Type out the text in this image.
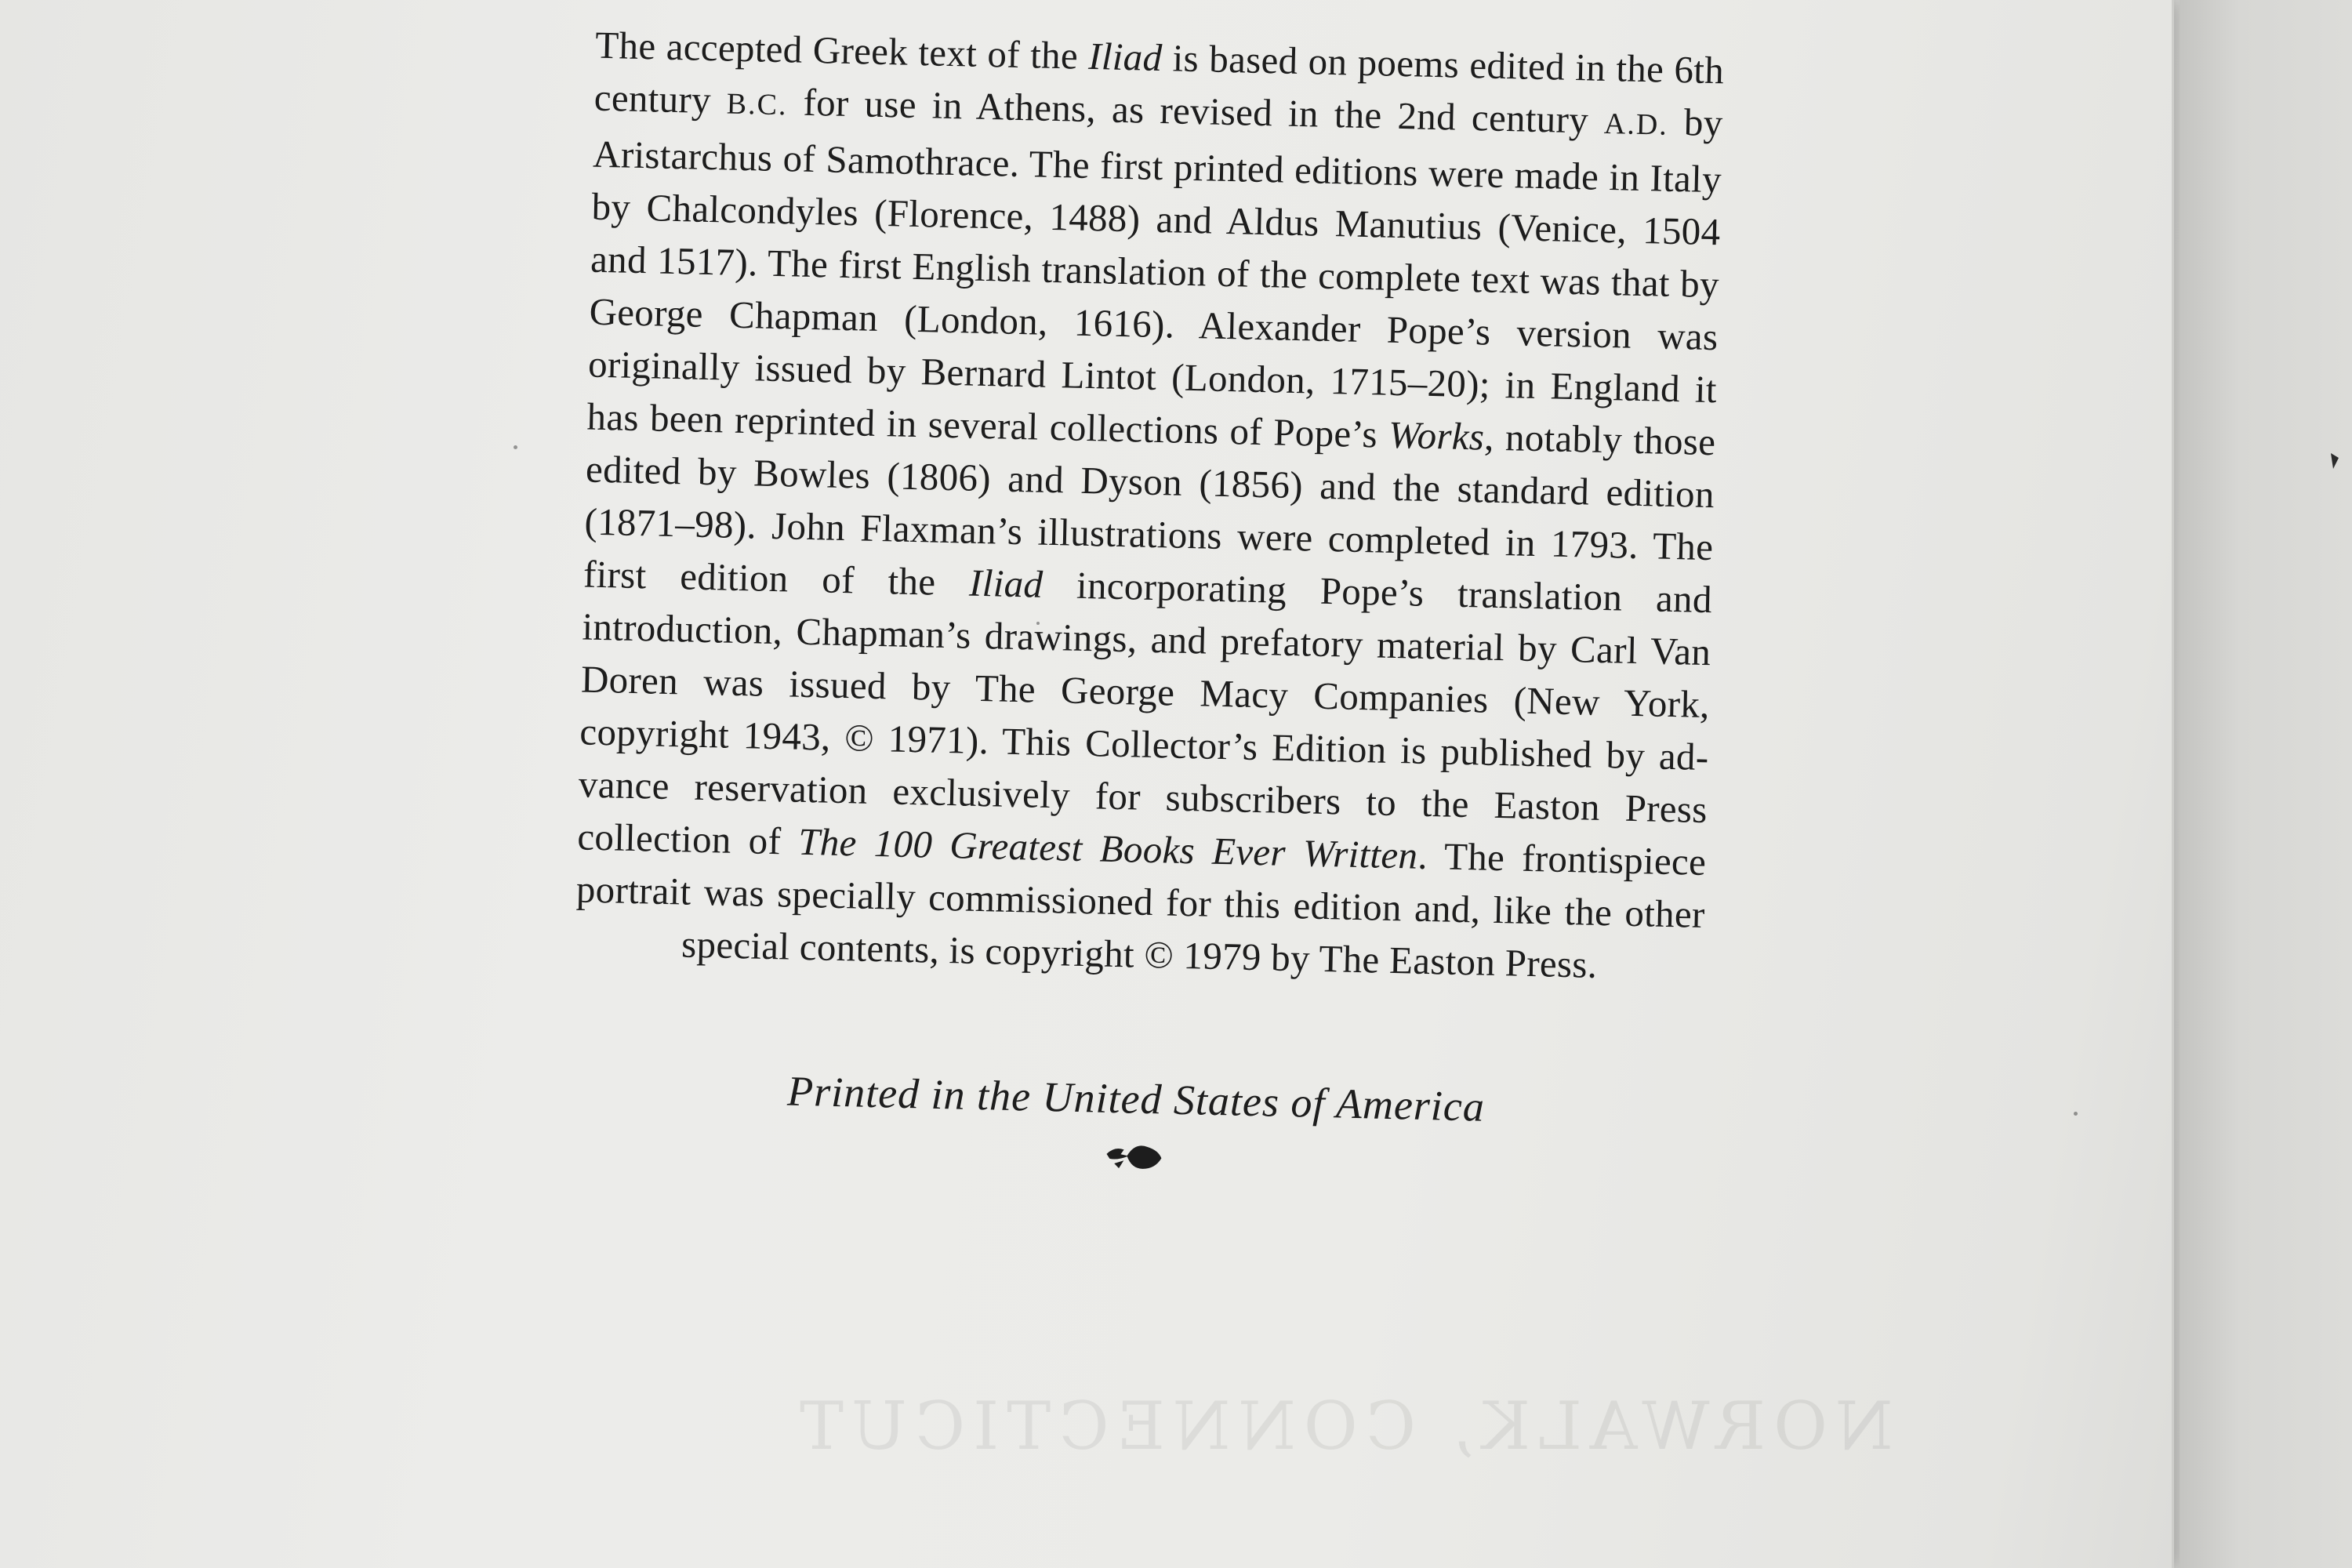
NORWALK, CONNECTICUT

The accepted Greek text of the Iliad is based on poems edited in the 6th century B.C. for use in Athens, as revised in the 2nd century A.D. by Aristarchus of Samothrace. The first printed editions were made in Italy by Chalcondyles (Florence, 1488) and Aldus Manutius (Venice, 1504 and 1517). The first English translation of the complete text was that by George Chapman (London, 1616). Alexander Pope’s version was originally issued by Bernard Lintot (London, 1715–20); in England it has been reprinted in several collections of Pope’s Works, notably those edited by Bowles (1806) and Dyson (1856) and the standard edition (1871–98). John Flaxman’s illustrations were completed in 1793. The first edition of the Iliad incorporating Pope’s translation and introduction, Chapman’s drawings, and prefatory material by Carl Van Doren was issued by The George Macy Companies (New York, copyright 1943, © 1971). This Collector’s Edition is published by advance reservation exclusively for subscribers to the Easton Press collection of The 100 Greatest Books Ever Written. The frontispiece portrait was specially commissioned for this edition and, like the other special contents, is copyright © 1979 by The Easton Press.

Printed in the United States of America
